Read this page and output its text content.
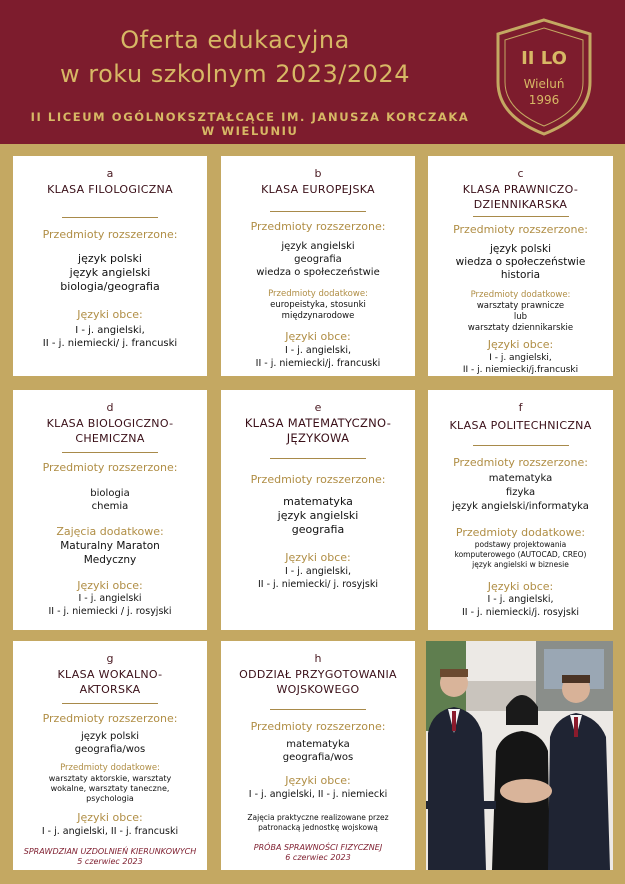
Oferta edukacyjna
w roku szkolnym 2023/2024
II LICEUM OGÓLNOKSZTAŁCĄCE IM. JANUSZA KORCZAKA
W WIELUNIU
II LO
Wieluń
1996
a
KLASA FILOLOGICZNA
Przedmioty rozszerzone:
język polski
język angielski
biologia/geografia
Języki obce:
I - j. angielski,
II - j. niemiecki/ j. francuski
b
KLASA EUROPEJSKA
Przedmioty rozszerzone:
język angielski
geografia
wiedza o społeczeństwie
Przedmioty dodatkowe:
europeistyka, stosunki
międzynarodowe
Języki obce:
I - j. angielski,
II - j. niemiecki/j. francuski
c
KLASA PRAWNICZO-
DZIENNIKARSKA
Przedmioty rozszerzone:
język polski
wiedza o społeczeństwie
historia
Przedmioty dodatkowe:
warsztaty prawnicze
lub
warsztaty dziennikarskie
Języki obce:
I - j. angielski,
II - j. niemiecki/j.francuski
d
KLASA BIOLOGICZNO-
CHEMICZNA
Przedmioty rozszerzone:
biologia
chemia
Zajęcia dodatkowe:
Maturalny Maraton
Medyczny
Języki obce:
I - j. angielski
II - j. niemiecki / j. rosyjski
e
KLASA MATEMATYCZNO-
JĘZYKOWA
Przedmioty rozszerzone:
matematyka
język angielski
geografia
Języki obce:
I - j. angielski,
II - j. niemiecki/ j. rosyjski
f
KLASA POLITECHNICZNA
Przedmioty rozszerzone:
matematyka
fizyka
język angielski/informatyka
Przedmioty dodatkowe:
podstawy projektowania
komputerowego (AUTOCAD, CREO)
język angielski w biznesie
Języki obce:
I - j. angielski,
II - j. niemiecki/j. rosyjski
g
KLASA WOKALNO-
AKTORSKA
Przedmioty rozszerzone:
język polski
geografia/wos
Przedmioty dodatkowe:
warsztaty aktorskie, warsztaty
wokalne, warsztaty taneczne,
psychologia
Języki obce:
I - j. angielski, II - j. francuski
SPRAWDZIAN UZDOLNIEŃ KIERUNKOWYCH
5 czerwiec 2023
h
ODDZIAŁ PRZYGOTOWANIA
WOJSKOWEGO
Przedmioty rozszerzone:
matematyka
geografia/wos
Języki obce:
I - j. angielski, II - j. niemiecki
Zajęcia praktyczne realizowane przez
patronacką jednostkę wojskową
PRÓBA SPRAWNOŚCI FIZYCZNEJ
6 czerwiec 2023
